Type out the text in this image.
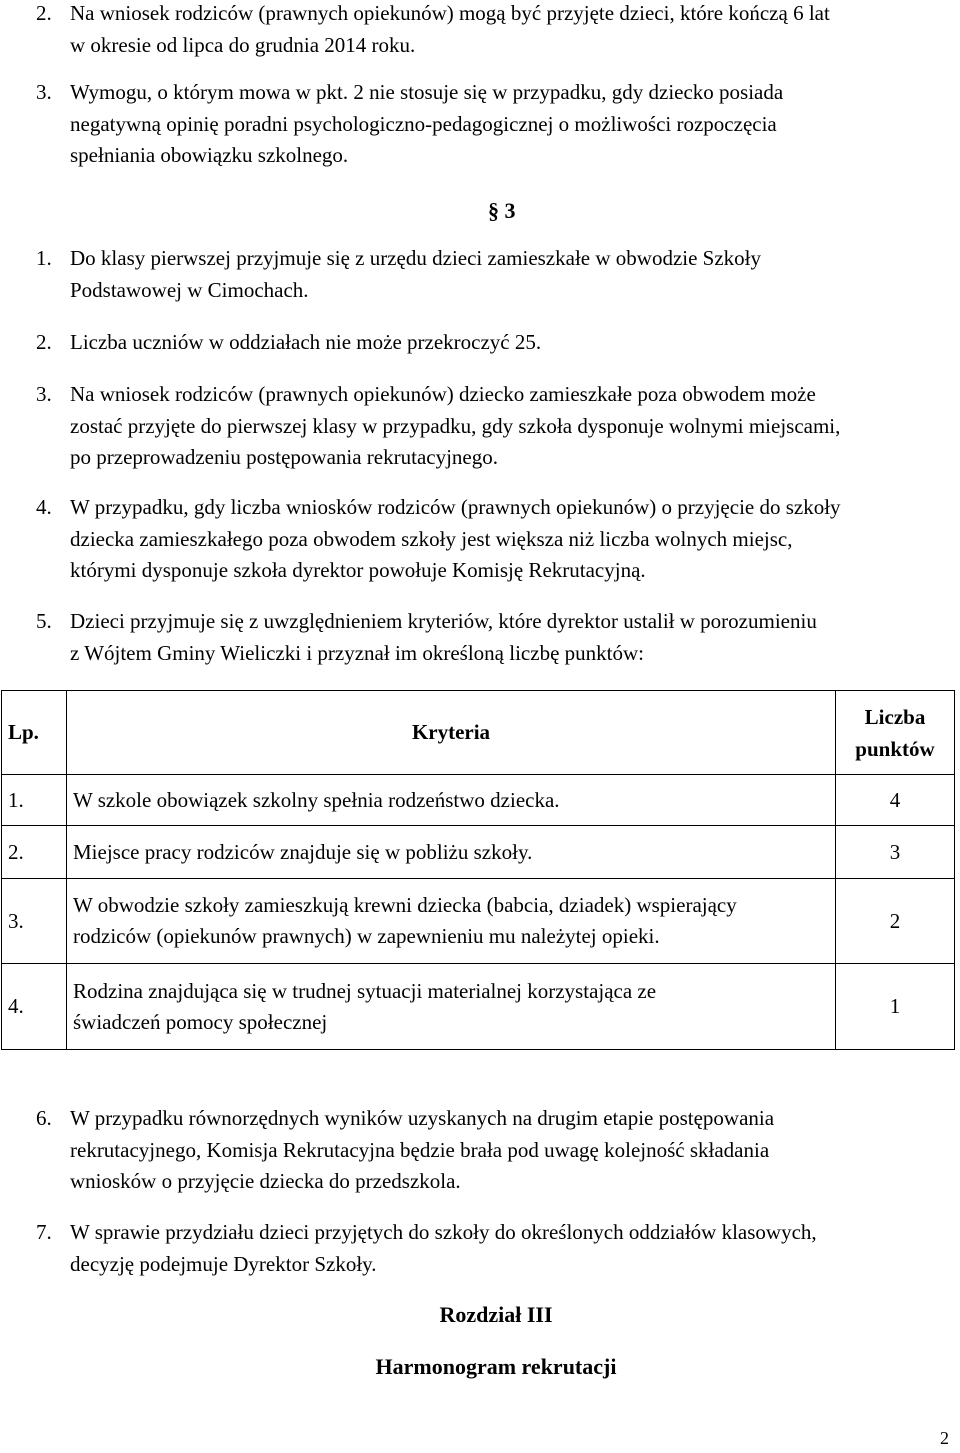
2. Na wniosek rodziców (prawnych opiekunów) mogą być przyjęte dzieci, które kończą 6 lat
w okresie od lipca do grudnia 2014 roku.
3. Wymogu, o którym mowa w pkt. 2 nie stosuje się w przypadku, gdy dziecko posiada
negatywną opinię poradni psychologiczno-pedagogicznej o możliwości rozpoczęcia
spełniania obowiązku szkolnego.
§ 3
1. Do klasy pierwszej przyjmuje się z urzędu dzieci zamieszkałe w obwodzie Szkoły
Podstawowej w Cimochach.
2. Liczba uczniów w oddziałach nie może przekroczyć 25.
3. Na wniosek rodziców (prawnych opiekunów) dziecko zamieszkałe poza obwodem może
zostać przyjęte do pierwszej klasy w przypadku, gdy szkoła dysponuje wolnymi miejscami,
po przeprowadzeniu postępowania rekrutacyjnego.
4. W przypadku, gdy liczba wniosków rodziców (prawnych opiekunów) o przyjęcie do szkoły
dziecka zamieszkałego poza obwodem szkoły jest większa niż liczba wolnych miejsc,
którymi dysponuje szkoła dyrektor powołuje Komisję Rekrutacyjną.
5. Dzieci przyjmuje się z uwzględnieniem kryteriów, które dyrektor ustalił w porozumieniu
z Wójtem Gminy Wieliczki i przyznał im określoną liczbę punktów:
Lp.	Kryteria	Liczba
punktów

1.	W szkole obowiązek szkolny spełnia rodzeństwo dziecka.	4
2.	Miejsce pracy rodziców znajduje się w pobliżu szkoły.	3
3.	W obwodzie szkoły zamieszkują krewni dziecka (babcia, dziadek) wspierający
rodziców (opiekunów prawnych) w zapewnieniu mu należytej opieki.	2
4.	Rodzina znajdująca się w trudnej sytuacji materialnej korzystająca ze
świadczeń pomocy społecznej	1
6. W przypadku równorzędnych wyników uzyskanych na drugim etapie postępowania
rekrutacyjnego, Komisja Rekrutacyjna będzie brała pod uwagę kolejność składania
wniosków o przyjęcie dziecka do przedszkola.
7. W sprawie przydziału dzieci przyjętych do szkoły do określonych oddziałów klasowych,
decyzję podejmuje Dyrektor Szkoły.
Rozdział III
Harmonogram rekrutacji
2
